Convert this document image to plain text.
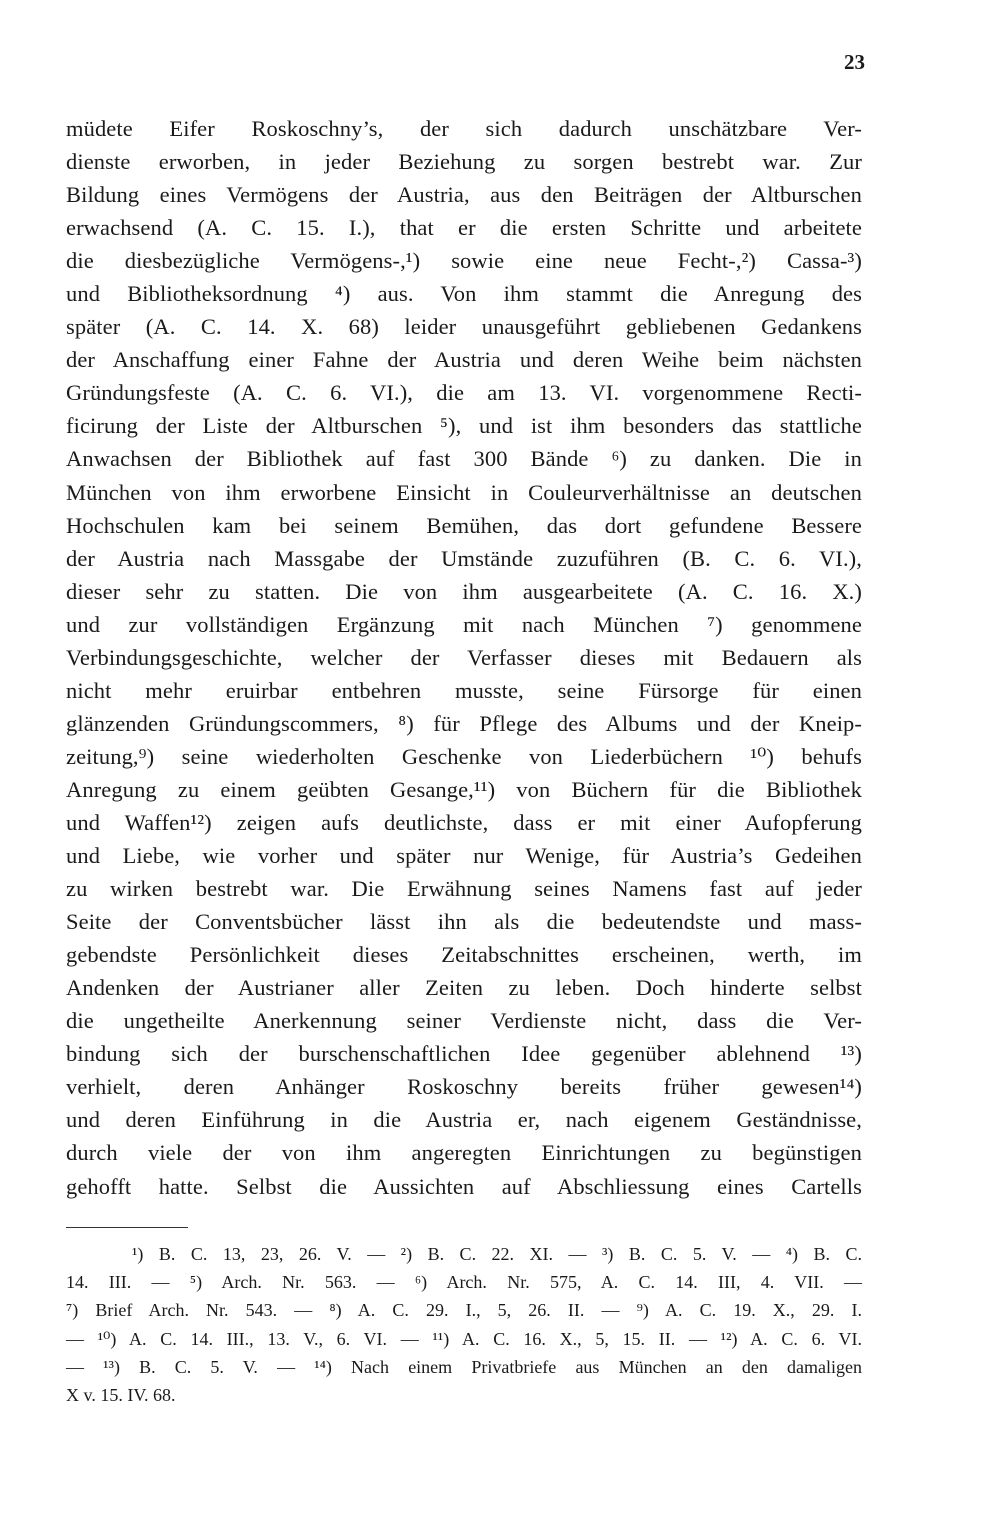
23
müdete Eifer Roskoschny’s, der sich dadurch unschätzbare Ver-
dienste erworben, in jeder Beziehung zu sorgen bestrebt war. Zur
Bildung eines Vermögens der Austria, aus den Beiträgen der Altburschen
erwachsend (A. C. 15. I.), that er die ersten Schritte und arbeitete
die diesbezügliche Vermögens-,¹) sowie eine neue Fecht-,²) Cassa-³)
und Bibliotheksordnung ⁴) aus. Von ihm stammt die Anregung des
später (A. C. 14. X. 68) leider unausgeführt gebliebenen Gedankens
der Anschaffung einer Fahne der Austria und deren Weihe beim nächsten
Gründungsfeste (A. C. 6. VI.), die am 13. VI. vorgenommene Recti-
ficirung der Liste der Altburschen ⁵), und ist ihm besonders das stattliche
Anwachsen der Bibliothek auf fast 300 Bände ⁶) zu danken. Die in
München von ihm erworbene Einsicht in Couleurverhältnisse an deutschen
Hochschulen kam bei seinem Bemühen, das dort gefundene Bessere
der Austria nach Massgabe der Umstände zuzuführen (B. C. 6. VI.),
dieser sehr zu statten. Die von ihm ausgearbeitete (A. C. 16. X.)
und zur vollständigen Ergänzung mit nach München ⁷) genommene
Verbindungsgeschichte, welcher der Verfasser dieses mit Bedauern als
nicht mehr eruirbar entbehren musste, seine Fürsorge für einen
glänzenden Gründungscommers, ⁸) für Pflege des Albums und der Kneip-
zeitung,⁹) seine wiederholten Geschenke von Liederbüchern ¹⁰) behufs
Anregung zu einem geübten Gesange,¹¹) von Büchern für die Bibliothek
und Waffen¹²) zeigen aufs deutlichste, dass er mit einer Aufopferung
und Liebe, wie vorher und später nur Wenige, für Austria’s Gedeihen
zu wirken bestrebt war. Die Erwähnung seines Namens fast auf jeder
Seite der Conventsbücher lässt ihn als die bedeutendste und mass-
gebendste Persönlichkeit dieses Zeitabschnittes erscheinen, werth, im
Andenken der Austrianer aller Zeiten zu leben. Doch hinderte selbst
die ungetheilte Anerkennung seiner Verdienste nicht, dass die Ver-
bindung sich der burschenschaftlichen Idee gegenüber ablehnend ¹³)
verhielt, deren Anhänger Roskoschny bereits früher gewesen¹⁴)
und deren Einführung in die Austria er, nach eigenem Geständnisse,
durch viele der von ihm angeregten Einrichtungen zu begünstigen
gehofft hatte. Selbst die Aussichten auf Abschliessung eines Cartells
¹) B. C. 13, 23, 26. V. — ²) B. C. 22. XI. — ³) B. C. 5. V. — ⁴) B. C.
14. III. — ⁵) Arch. Nr. 563. — ⁶) Arch. Nr. 575, A. C. 14. III, 4. VII. —
⁷) Brief Arch. Nr. 543. — ⁸) A. C. 29. I., 5, 26. II. — ⁹) A. C. 19. X., 29. I.
— ¹⁰) A. C. 14. III., 13. V., 6. VI. — ¹¹) A. C. 16. X., 5, 15. II. — ¹²) A. C. 6. VI.
— ¹³) B. C. 5. V. — ¹⁴) Nach einem Privatbriefe aus München an den damaligen
X v. 15. IV. 68.
